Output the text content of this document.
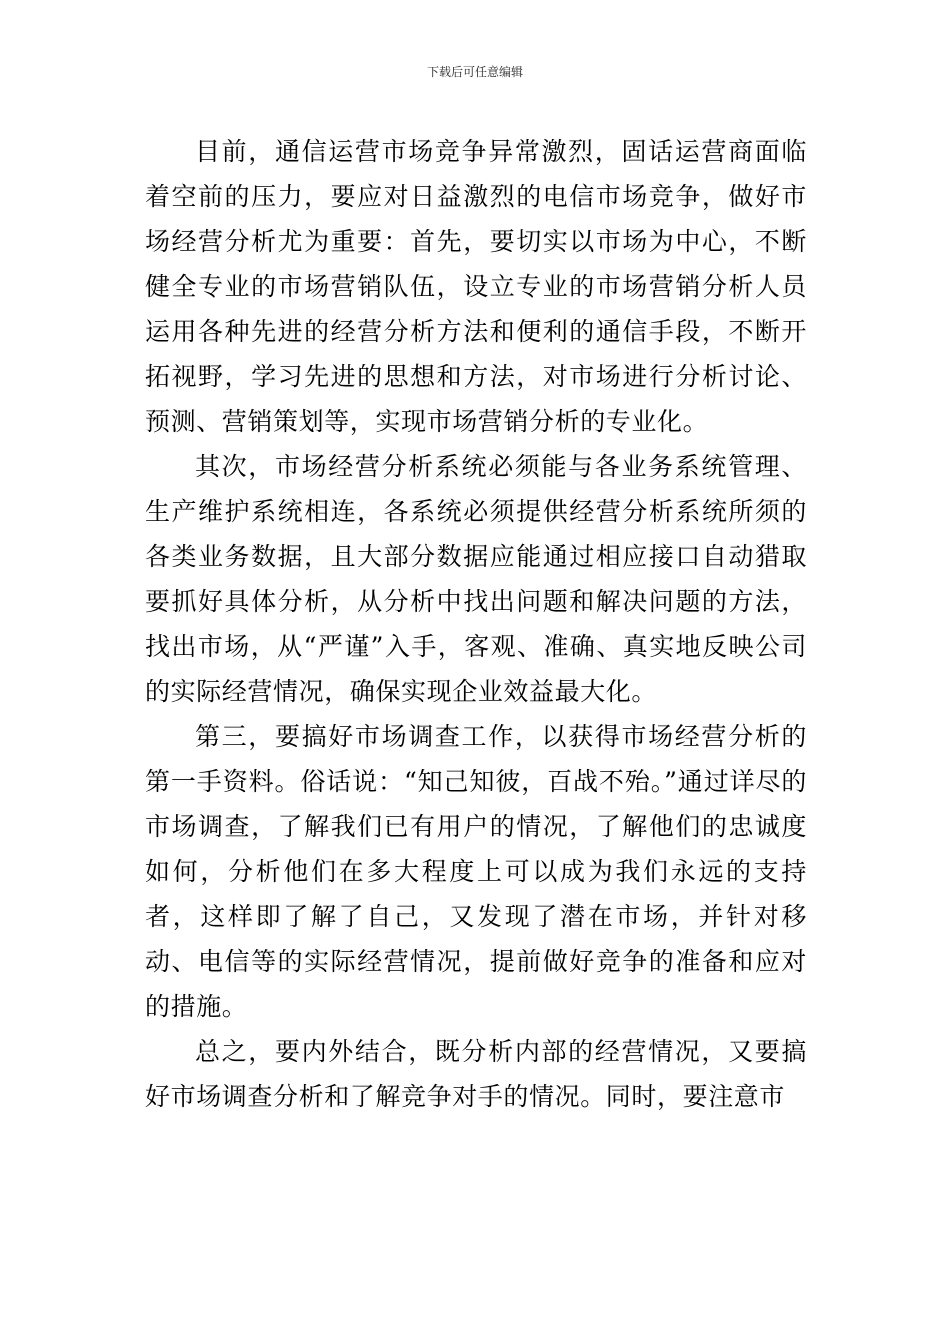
下载后可任意编辑

目前，通信运营市场竞争异常激烈，固话运营商面临着空前的压力，要应对日益激烈的电信市场竞争，做好市场经营分析尤为重要：首先，要切实以市场为中心，不断健全专业的市场营销队伍，设立专业的市场营销分析人员运用各种先进的经营分析方法和便利的通信手段，不断开拓视野，学习先进的思想和方法，对市场进行分析讨论、预测、营销策划等，实现市场营销分析的专业化。

其次，市场经营分析系统必须能与各业务系统管理、生产维护系统相连，各系统必须提供经营分析系统所须的各类业务数据，且大部分数据应能通过相应接口自动猎取要抓好具体分析，从分析中找出问题和解决问题的方法，找出市场，从“严谨”入手，客观、准确、真实地反映公司的实际经营情况，确保实现企业效益最大化。

第三，要搞好市场调查工作，以获得市场经营分析的第一手资料。俗话说：“知己知彼，百战不殆。”通过详尽的市场调查，了解我们已有用户的情况，了解他们的忠诚度如何，分析他们在多大程度上可以成为我们永远的支持者，这样即了解了自己，又发现了潜在市场，并针对移动、电信等的实际经营情况，提前做好竞争的准备和应对的措施。

总之，要内外结合，既分析内部的经营情况，又要搞好市场调查分析和了解竞争对手的情况。同时，要注意市
